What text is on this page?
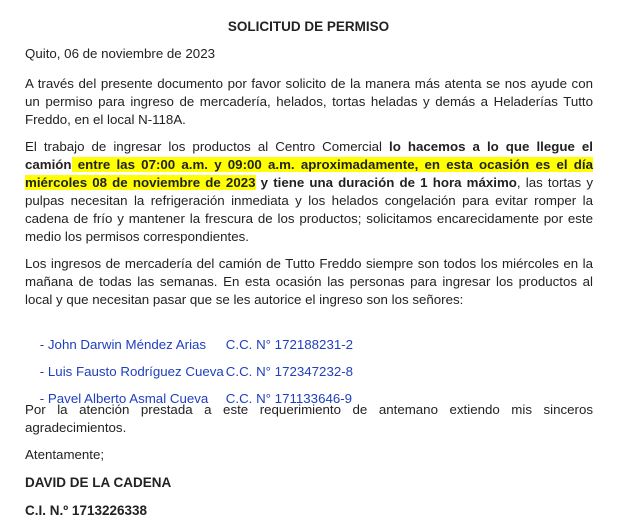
SOLICITUD DE PERMISO
Quito, 06 de noviembre de 2023
A través del presente documento por favor solicito de la manera más atenta se nos ayude con un permiso para ingreso de mercadería, helados, tortas heladas y demás a Heladerías Tutto Freddo, en el local N-118A.
El trabajo de ingresar los productos al Centro Comercial lo hacemos a lo que llegue el camión entre las 07:00 a.m. y 09:00 a.m. aproximadamente, en esta ocasión es el día miércoles 08 de noviembre de 2023 y tiene una duración de 1 hora máximo, las tortas y pulpas necesitan la refrigeración inmediata y los helados congelación para evitar romper la cadena de frío y mantener la frescura de los productos; solicitamos encarecidamente por este medio los permisos correspondientes.
Los ingresos de mercadería del camión de Tutto Freddo siempre son todos los miércoles en la mañana de todas las semanas. En esta ocasión las personas para ingresar los productos al local y que necesitan pasar que se les autorice el ingreso son los señores:

- John Darwin Méndez Arias C.C. N° 172188231-2

- Luis Fausto Rodríguez Cueva C.C. N° 172347232-8

- Pavel Alberto Asmal Cueva C.C. N° 171133646-9

Por la atención prestada a este requerimiento de antemano extiendo mis sinceros agradecimientos.
Atentamente;
DAVID DE LA CADENA
C.I. N.º 1713226338
